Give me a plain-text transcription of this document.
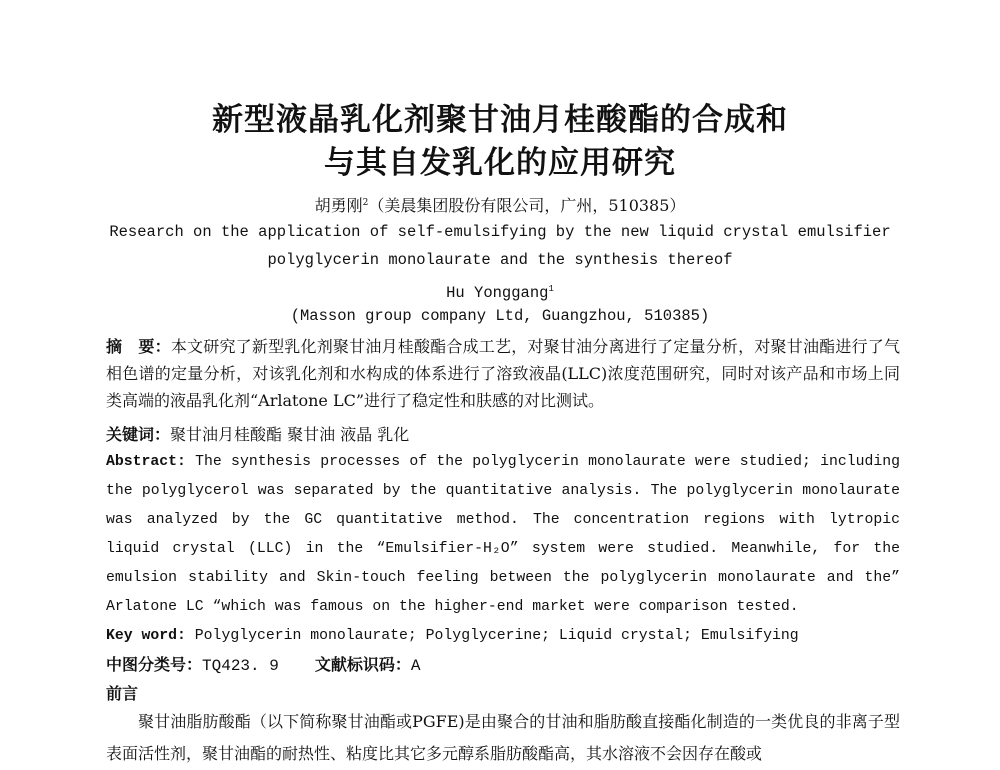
新型液晶乳化剂聚甘油月桂酸酯的合成和
与其自发乳化的应用研究
胡勇刚$^2$（美晨集团股份有限公司，广州，510385）
Research on the application of self-emulsifying by the new liquid crystal emulsifier
polyglycerin monolaurate and the synthesis thereof
Hu Yonggang$^1$
(Masson group company Ltd, Guangzhou, 510385)
摘　要：本文研究了新型乳化剂聚甘油月桂酸酯合成工艺，对聚甘油分离进行了定量分析，对聚甘油酯进行了气相色谱的定量分析，对该乳化剂和水构成的体系进行了溶致液晶(LLC)浓度范围研究，同时对该产品和市场上同类高端的液晶乳化剂“Arlatone LC”进行了稳定性和肤感的对比测试。
关键词：聚甘油月桂酸酯 聚甘油 液晶 乳化
Abstract: The synthesis processes of the polyglycerin monolaurate were studied; including the polyglycerol was separated by the quantitative analysis. The polyglycerin monolaurate was analyzed by the GC quantitative method. The concentration regions with lytropic liquid crystal (LLC) in the “Emulsifier-H₂O” system were studied. Meanwhile, for the emulsion stability and Skin-touch feeling between the polyglycerin monolaurate and the” Arlatone LC “which was famous on the higher-end market were comparison tested.
Key word: Polyglycerin monolaurate; Polyglycerine; Liquid crystal; Emulsifying
中图分类号：TQ423. 9 文献标识码：A
前言
聚甘油脂肪酸酯（以下简称聚甘油酯或PGFE)是由聚合的甘油和脂肪酸直接酯化制造的一类优良的非离子型表面活性剂，聚甘油酯的耐热性、粘度比其它多元醇系脂肪酸酯高，其水溶液不会因存在酸或
